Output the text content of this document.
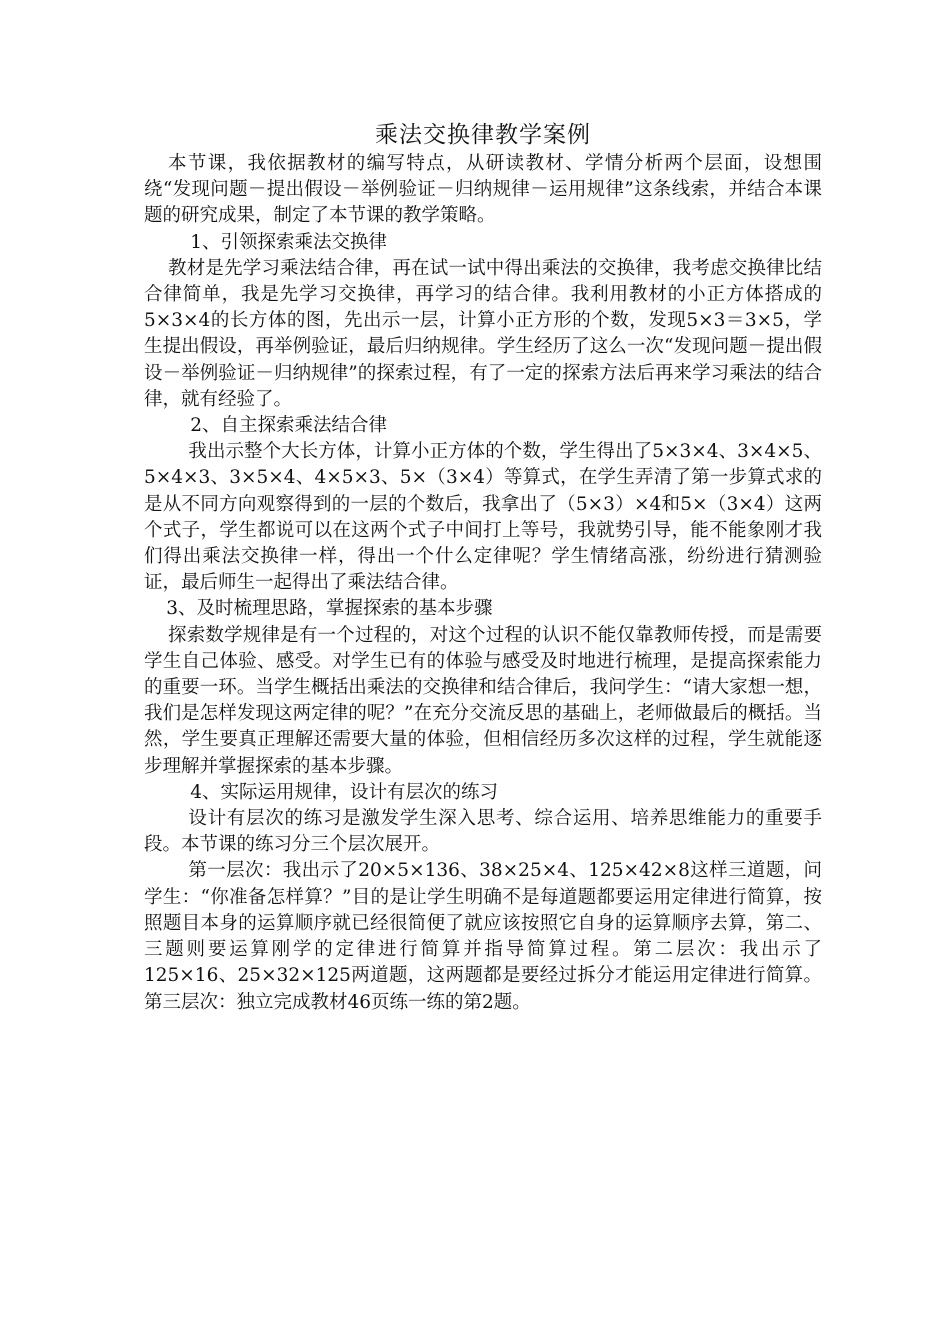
乘法交换律教学案例

本节课，我依据教材的编写特点，从研读教材、学情分析两个层面，设想围绕“发现问题－提出假设－举例验证－归纳规律－运用规律”这条线索，并结合本课题的研究成果，制定了本节课的教学策略。

1、引领探索乘法交换律

教材是先学习乘法结合律，再在试一试中得出乘法的交换律，我考虑交换律比结合律简单，我是先学习交换律，再学习的结合律。我利用教材的小正方体搭成的5×3×4的长方体的图，先出示一层，计算小正方形的个数，发现5×3＝3×5，学生提出假设，再举例验证，最后归纳规律。学生经历了这么一次“发现问题－提出假设－举例验证－归纳规律”的探索过程，有了一定的探索方法后再来学习乘法的结合律，就有经验了。

2、自主探索乘法结合律

我出示整个大长方体，计算小正方体的个数，学生得出了5×3×4、3×4×5、5×4×3、3×5×4、4×5×3、5×（3×4）等算式，在学生弄清了第一步算式求的是从不同方向观察得到的一层的个数后，我拿出了（5×3）×4和5×（3×4）这两个式子，学生都说可以在这两个式子中间打上等号，我就势引导，能不能象刚才我们得出乘法交换律一样，得出一个什么定律呢？学生情绪高涨，纷纷进行猜测验证，最后师生一起得出了乘法结合律。

3、及时梳理思路，掌握探索的基本步骤

探索数学规律是有一个过程的，对这个过程的认识不能仅靠教师传授，而是需要学生自己体验、感受。对学生已有的体验与感受及时地进行梳理，是提高探索能力的重要一环。当学生概括出乘法的交换律和结合律后，我问学生：“请大家想一想，我们是怎样发现这两定律的呢？”在充分交流反思的基础上，老师做最后的概括。当然，学生要真正理解还需要大量的体验，但相信经历多次这样的过程，学生就能逐步理解并掌握探索的基本步骤。

4、实际运用规律，设计有层次的练习

设计有层次的练习是激发学生深入思考、综合运用、培养思维能力的重要手段。本节课的练习分三个层次展开。

第一层次：我出示了20×5×136、38×25×4、125×42×8这样三道题，问学生：“你准备怎样算？”目的是让学生明确不是每道题都要运用定律进行简算，按照题目本身的运算顺序就已经很简便了就应该按照它自身的运算顺序去算，第二、三题则要运算刚学的定律进行简算并指导简算过程。第二层次：我出示了125×16、25×32×125两道题，这两题都是要经过拆分才能运用定律进行简算。第三层次：独立完成教材46页练一练的第2题。
